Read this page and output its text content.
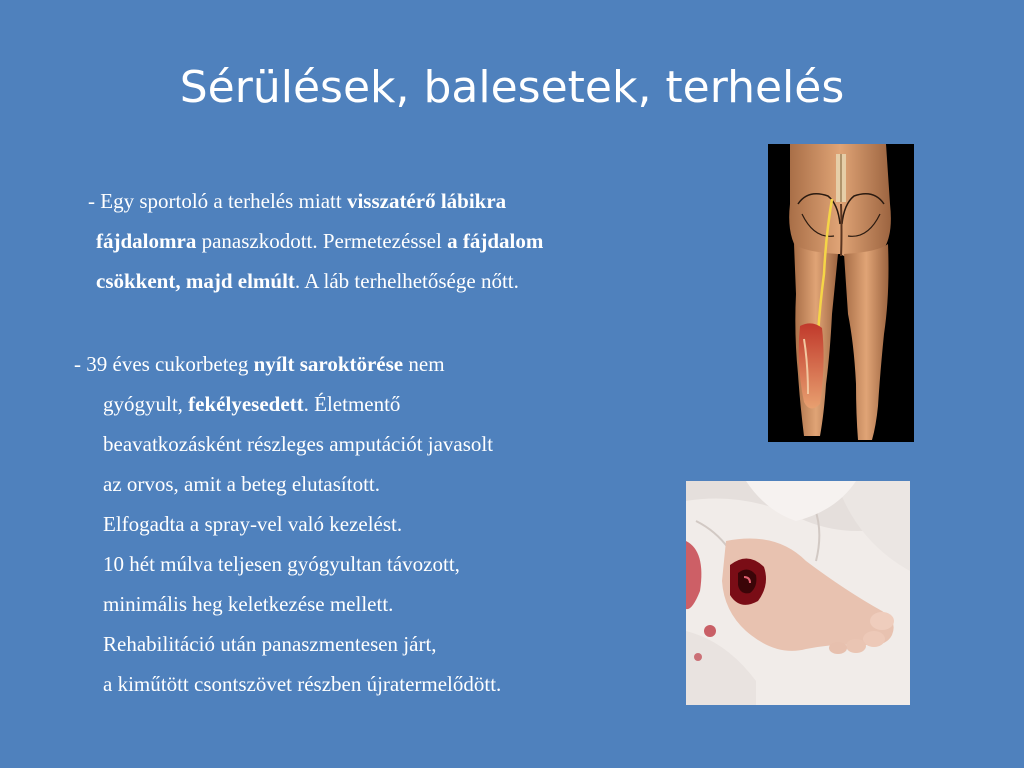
Sérülések, balesetek, terhelés

- Egy sportoló a terhelés miatt visszatérő lábikra

fájdalomra panaszkodott. Permetezéssel a fájdalom

csökkent, majd elmúlt. A láb terhelhetősége nőtt.

- 39 éves cukorbeteg nyílt saroktörése nem

gyógyult, fekélyesedett. Életmentő

beavatkozásként részleges amputációt javasolt

az orvos, amit a beteg elutasított.

Elfogadta a spray-vel való kezelést.

10 hét múlva teljesen gyógyultan távozott,

minimális heg keletkezése mellett.

Rehabilitáció után panaszmentesen járt,

a kiműtött csontszövet részben újratermelődött.
